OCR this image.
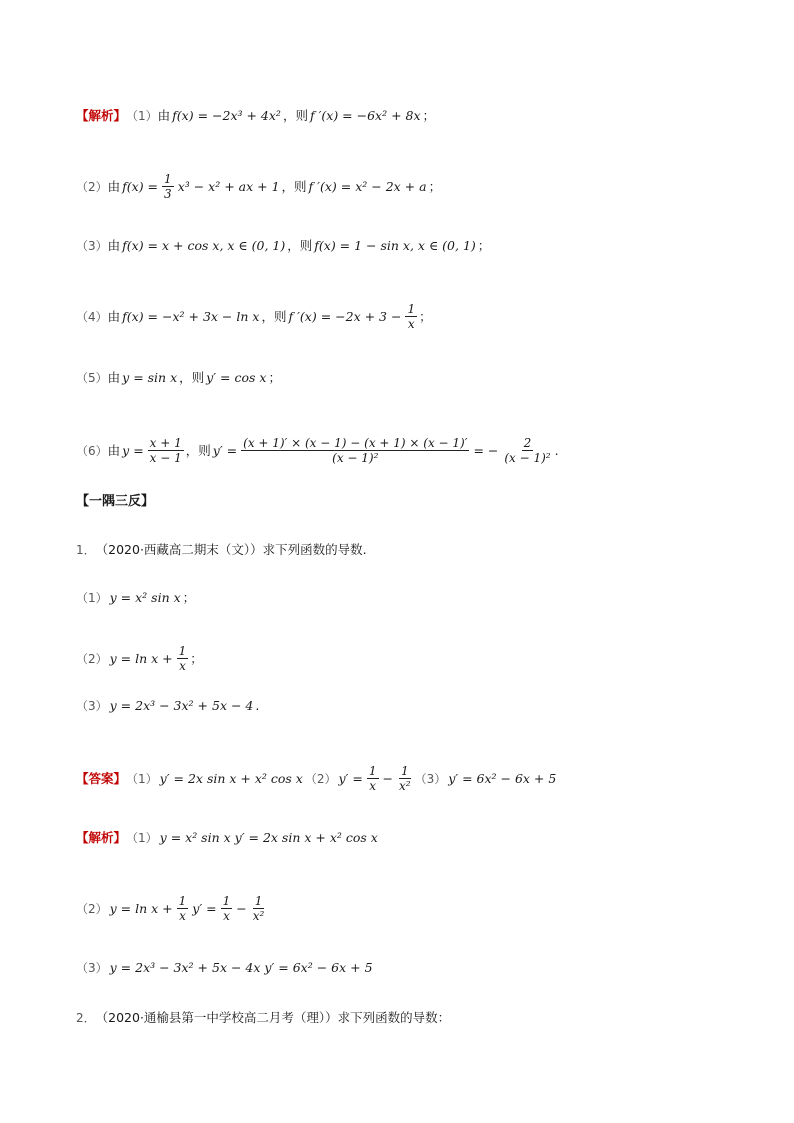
【解析】 （1） 由 f(x) = −2x³ + 4x² ，则 f ′(x) = −6x² + 8x ；
（2） 由 $f(x) = \frac{1}{3} x^3 - x^2$ + ax + 1 ，则 f ′(x) = x² − 2x + a ；
（3） 由 f(x) = x + cos x, x ∈ (0, 1) ，则 f(x) = 1 − sin x, x ∈ (0, 1) ；
（4） 由 f(x) = −x² + 3x − ln x ，则 f $'(x) = -2x + 3 - \frac{1}{x}$ ；
（5） 由 y = sin x ，则 y′ = cos x ；
（6） 由 $y = \frac{x + 1}{x - 1}$ ，则 $y' = \frac{(x + 1)' \times (x - 1) - (x + 1) \times (x - 1)'}{\text{(x − 1)²}}$ = − $\frac{2}{\text{(x − 1)²}}$ .
【一隅三反】
1． （2020·西藏高二期末（文））求下列函数的导数.
（1） y = x² sin x ；
（2） $y = \ln x + \frac{1}{x}$ ；
（3） y = 2x³ − 3x² + 5x − 4 .
【答案】 （1） y′ = 2x sin x + x² cos x （2） $y' = \frac{1}{x} - \frac{1}{\text{x²}} (3) y' = 6x^2 - 6x + 5$
【解析】 （1） y = x² sin x y′ = 2x sin x + x² cos x
（2） $y = \ln x + \frac{1}{x} y' = \frac{1}{x} - \frac{1}{\text{x²}}$
（3） y = 2x³ − 3x² + 5x − 4x y′ = 6x² − 6x + 5
2． （2020·通榆县第一中学校高二月考（理））求下列函数的导数：
